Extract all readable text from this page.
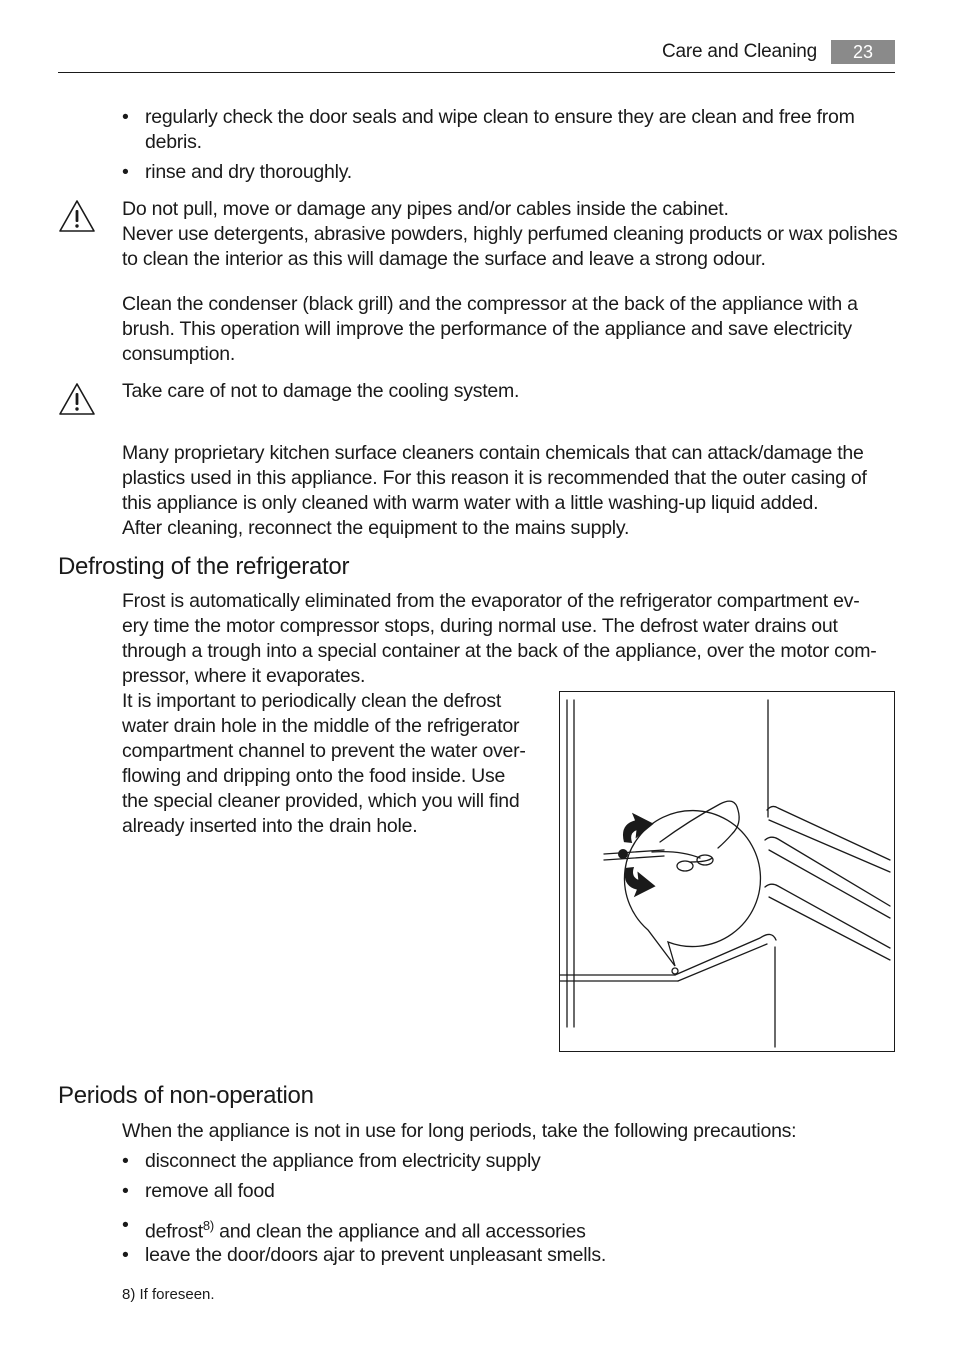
Care and Cleaning	23
• regularly check the door seals and wipe clean to ensure they are clean and free from
debris.
• rinse and dry thoroughly.

Do not pull, move or damage any pipes and/or cables inside the cabinet.

Never use detergents, abrasive powders, highly perfumed cleaning products or wax polishes

to clean the interior as this will damage the surface and leave a strong odour.

Clean the condenser (black grill) and the compressor at the back of the appliance with a

brush. This operation will improve the performance of the appliance and save electricity

consumption.

Take care of not to damage the cooling system.

Many proprietary kitchen surface cleaners contain chemicals that can attack/damage the

plastics used in this appliance. For this reason it is recommended that the outer casing of

this appliance is only cleaned with warm water with a little washing-up liquid added.

After cleaning, reconnect the equipment to the mains supply.

Defrosting of the refrigerator

Frost is automatically eliminated from the evaporator of the refrigerator compartment ev-

ery time the motor compressor stops, during normal use. The defrost water drains out

through a trough into a special container at the back of the appliance, over the motor com-

pressor, where it evaporates.

It is important to periodically clean the defrost

water drain hole in the middle of the refrigerator

compartment channel to prevent the water over-

flowing and dripping onto the food inside. Use

the special cleaner provided, which you will find

already inserted into the drain hole.

Periods of non-operation

When the appliance is not in use for long periods, take the following precautions:

• disconnect the appliance from electricity supply
• remove all food
• defrost$^{8)}$ and clean the appliance and all accessories
• leave the door/doors ajar to prevent unpleasant smells.
8) If foreseen.
